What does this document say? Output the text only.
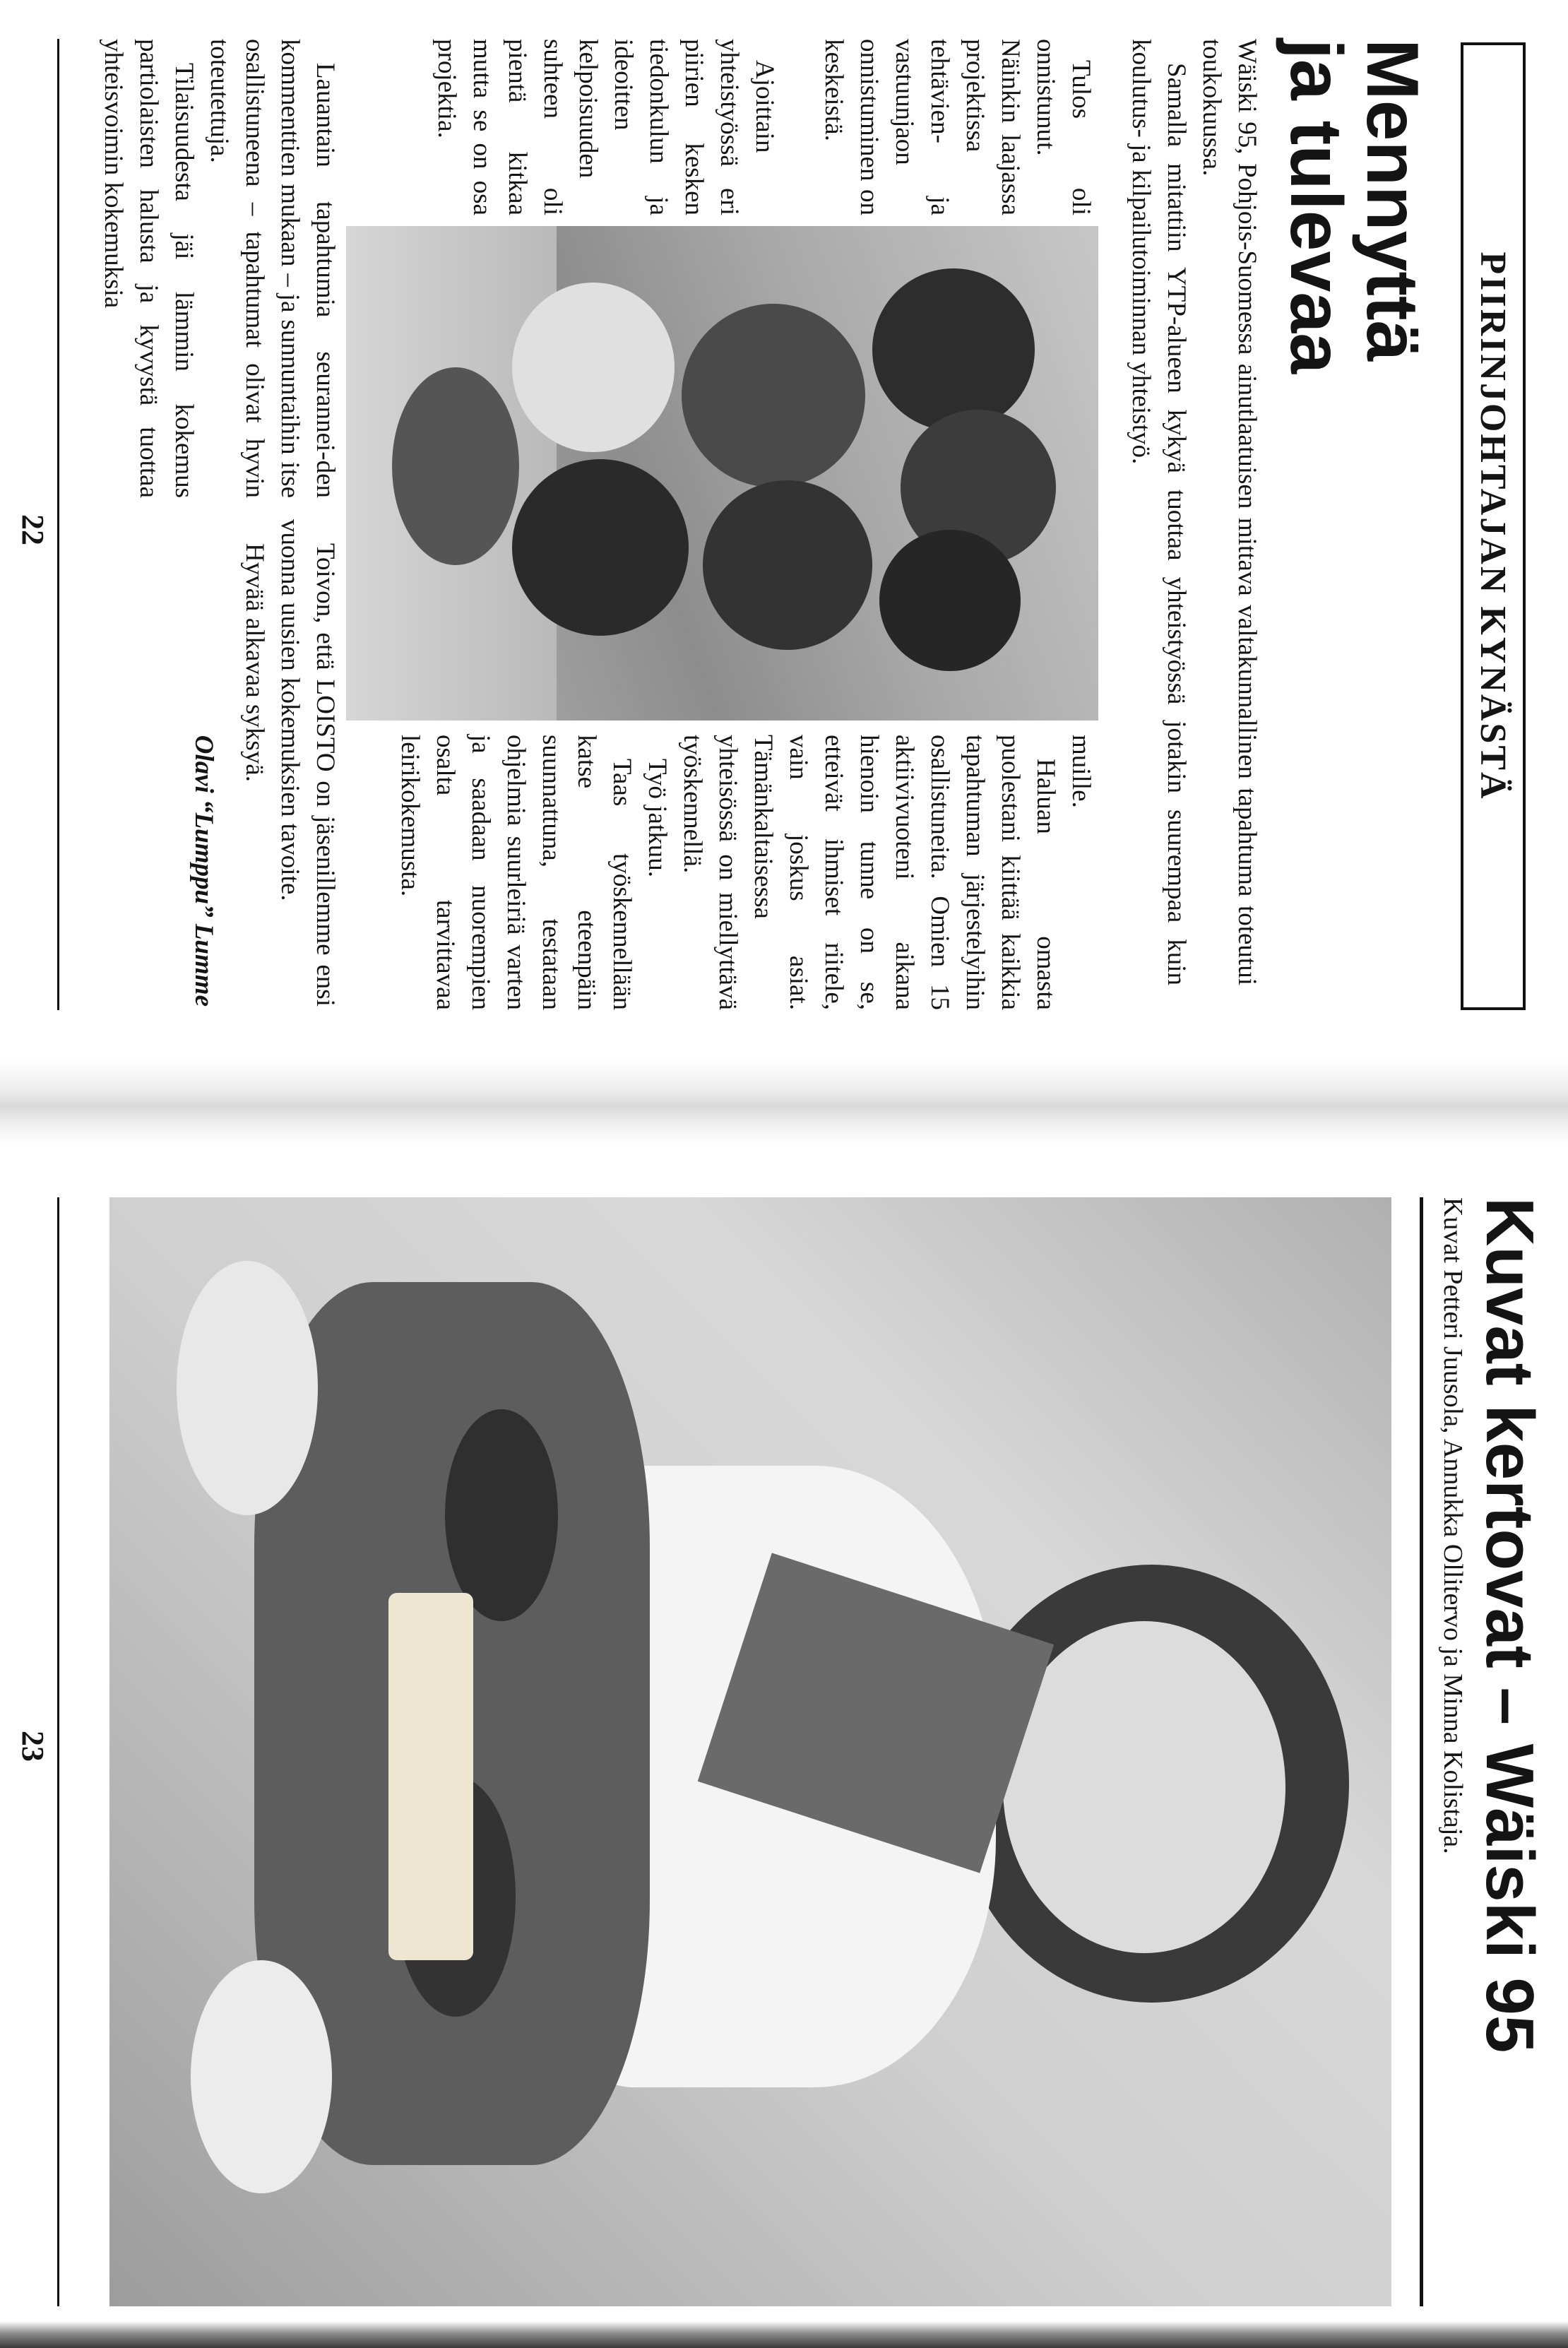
PIIRINJOHTAJAN KYNÄSTÄ
Mennyttä
ja tulevaa

Wäiski 95, Pohjois-Suomessa ainutlaatuisen mittava valtakunnallinen tapahtuma toteutui toukokuussa.

Samalla mitattiin YTP-alueen kykyä tuottaa yhteistyössä jotakin suurempaa kuin koulutus- ja kilpailutoiminnan yhteistyö.

Tulos oli onnistunut. Näinkin laajassa projektissa tehtävien- ja vastuunjaon onnistuminen on keskeistä.

Ajoittain yhteistyössä eri piirien kesken tiedonkulun ja ideoitten kelpoisuuden suhteen oli pientä kitkaa mutta se on osa projektia.

muille.

Haluan omasta puolestani kiittää kaikkia tapahtuman järjestelyihin osallistuneita. Omien 15 aktiivivuoteni aikana hienoin tunne on se, etteivät ihmiset riitele, vain joskus asiat. Tämänkaltaisessa yhteisössä on miellyttävä työskennellä.

Työ jatkuu.

Taas työskennellään katse eteenpäin suunnattuna, testataan ohjelmia suurleiriä varten ja saadaan nuorempien osalta tarvittavaa leirikokemusta.

Lauantain tapahtumia seurannei-den kommenttien mukaan – ja sunnuntaihin itse osallistuneena – tapahtumat olivat hyvin toteutettuja.

Tilaisuudesta jäi lämmin kokemus partiolaisten halusta ja kyvystä tuottaa yhteisvoimin kokemuksia

Toivon, että LOISTO on jäsenillemme ensi vuonna uusien kokemuksien tavoite.

Hyvää alkavaa syksyä.

Olavi “Lumppu” Lumme

22
Kuvat kertovat – Wäiski 95
Kuvat Petteri Juusola, Annukka Ollitervo ja Minna Kolistaja.
23
